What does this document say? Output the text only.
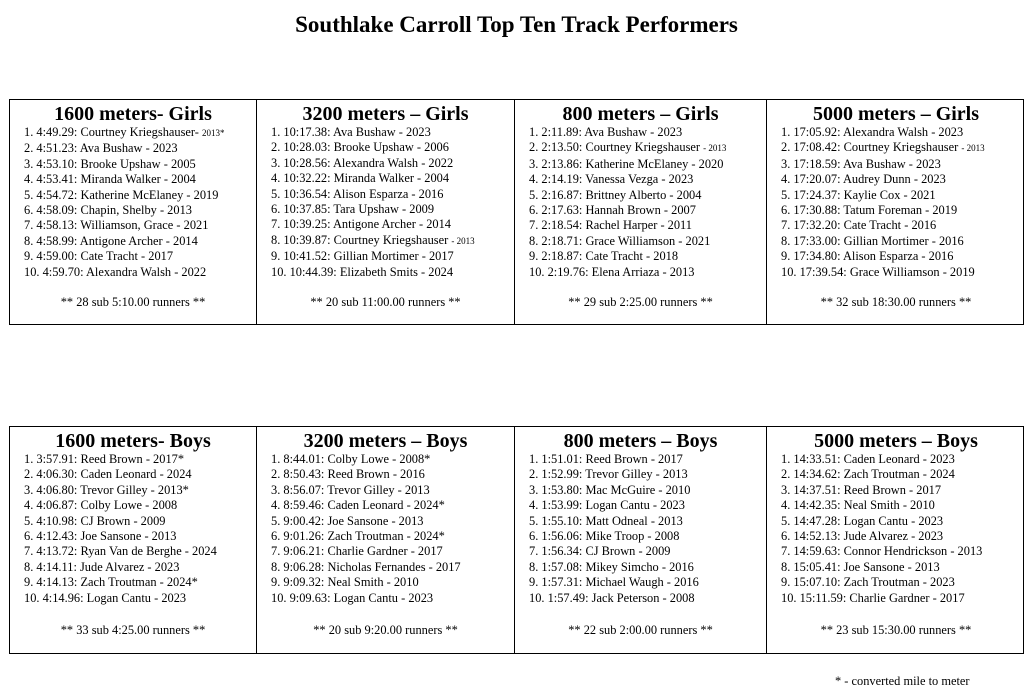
Southlake Carroll Top Ten Track Performers
1600 meters- Girls
1. 4:49.29: Courtney Kriegshauser- 2013*
2. 4:51.23: Ava Bushaw - 2023
3. 4:53.10: Brooke Upshaw - 2005
4. 4:53.41: Miranda Walker - 2004
5. 4:54.72: Katherine McElaney - 2019
6. 4:58.09: Chapin, Shelby - 2013
7. 4:58.13: Williamson, Grace - 2021
8. 4:58.99: Antigone Archer - 2014
9. 4:59.00: Cate Tracht - 2017
10. 4:59.70: Alexandra Walsh - 2022
** 28 sub 5:10.00 runners **
3200 meters – Girls
1. 10:17.38: Ava Bushaw - 2023
2. 10:28.03: Brooke Upshaw - 2006
3. 10:28.56: Alexandra Walsh - 2022
4. 10:32.22: Miranda Walker - 2004
5. 10:36.54: Alison Esparza - 2016
6. 10:37.85: Tara Upshaw - 2009
7. 10:39.25: Antigone Archer - 2014
8. 10:39.87: Courtney Kriegshauser - 2013
9. 10:41.52: Gillian Mortimer - 2017
10. 10:44.39: Elizabeth Smits - 2024
** 20 sub 11:00.00 runners **
800 meters – Girls
1. 2:11.89: Ava Bushaw - 2023
2. 2:13.50: Courtney Kriegshauser - 2013
3. 2:13.86: Katherine McElaney - 2020
4. 2:14.19: Vanessa Vezga - 2023
5. 2:16.87: Brittney Alberto - 2004
6. 2:17.63: Hannah Brown - 2007
7. 2:18.54: Rachel Harper - 2011
8. 2:18.71: Grace Williamson - 2021
9. 2:18.87: Cate Tracht - 2018
10. 2:19.76: Elena Arriaza - 2013
** 29 sub 2:25.00 runners **
5000 meters – Girls
1. 17:05.92: Alexandra Walsh - 2023
2. 17:08.42: Courtney Kriegshauser - 2013
3. 17:18.59: Ava Bushaw - 2023
4. 17:20.07: Audrey Dunn - 2023
5. 17:24.37: Kaylie Cox - 2021
6. 17:30.88: Tatum Foreman - 2019
7. 17:32.20: Cate Tracht - 2016
8. 17:33.00: Gillian Mortimer - 2016
9. 17:34.80: Alison Esparza - 2016
10. 17:39.54: Grace Williamson - 2019
** 32 sub 18:30.00 runners **
1600 meters- Boys
1. 3:57.91: Reed Brown - 2017*
2. 4:06.30: Caden Leonard - 2024
3. 4:06.80: Trevor Gilley - 2013*
4. 4:06.87: Colby Lowe - 2008
5. 4:10.98: CJ Brown - 2009
6. 4:12.43: Joe Sansone - 2013
7. 4:13.72: Ryan Van de Berghe - 2024
8. 4:14.11: Jude Alvarez - 2023
9. 4:14.13: Zach Troutman - 2024*
10. 4:14.96: Logan Cantu - 2023
** 33 sub 4:25.00 runners **
3200 meters – Boys
1. 8:44.01: Colby Lowe - 2008*
2. 8:50.43: Reed Brown - 2016
3. 8:56.07: Trevor Gilley - 2013
4. 8:59.46: Caden Leonard - 2024*
5. 9:00.42: Joe Sansone - 2013
6. 9:01.26: Zach Troutman - 2024*
7. 9:06.21: Charlie Gardner - 2017
8. 9:06.28: Nicholas Fernandes - 2017
9. 9:09.32: Neal Smith - 2010
10. 9:09.63: Logan Cantu - 2023
** 20 sub 9:20.00 runners **
800 meters – Boys
1. 1:51.01: Reed Brown - 2017
2. 1:52.99: Trevor Gilley - 2013
3. 1:53.80: Mac McGuire - 2010
4. 1:53.99: Logan Cantu - 2023
5. 1:55.10: Matt Odneal - 2013
6. 1:56.06: Mike Troop - 2008
7. 1:56.34: CJ Brown - 2009
8. 1:57.08: Mikey Simcho - 2016
9. 1:57.31: Michael Waugh - 2016
10. 1:57.49: Jack Peterson - 2008
** 22 sub 2:00.00 runners **
5000 meters – Boys
1. 14:33.51: Caden Leonard - 2023
2. 14:34.62: Zach Troutman - 2024
3. 14:37.51: Reed Brown - 2017
4. 14:42.35: Neal Smith - 2010
5. 14:47.28: Logan Cantu - 2023
6. 14:52.13: Jude Alvarez - 2023
7. 14:59.63: Connor Hendrickson - 2013
8. 15:05.41: Joe Sansone - 2013
9. 15:07.10: Zach Troutman - 2023
10. 15:11.59: Charlie Gardner - 2017
** 23 sub 15:30.00 runners **
* - converted mile to meter
